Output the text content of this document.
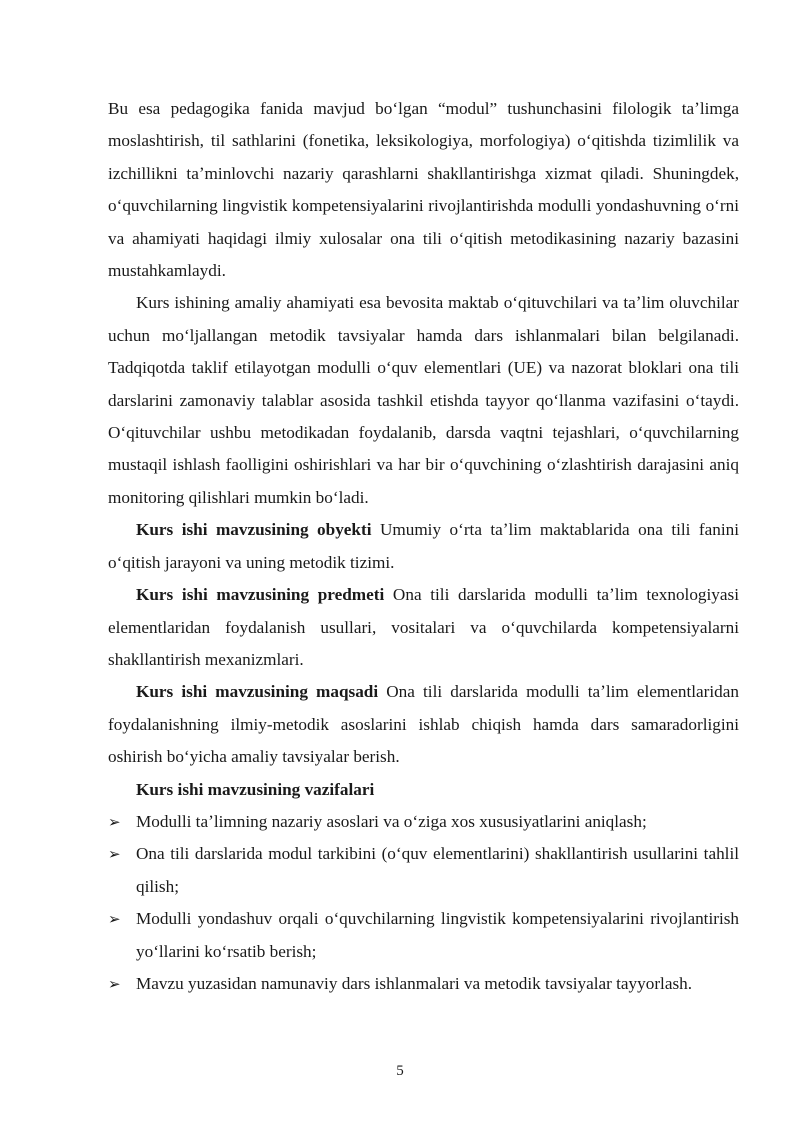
Bu esa pedagogika fanida mavjud boʻlgan “modul” tushunchasini filologik taʼlimga moslashtirish, til sathlarini (fonetika, leksikologiya, morfologiya) oʻqitishda tizimlilik va izchillikni taʼminlovchi nazariy qarashlarni shakllantirishga xizmat qiladi. Shuningdek, oʻquvchilarning lingvistik kompetensiyalarini rivojlantirishda modulli yondashuvning oʻrni va ahamiyati haqidagi ilmiy xulosalar ona tili oʻqitish metodikasining nazariy bazasini mustahkamlaydi.

Kurs ishining amaliy ahamiyati esa bevosita maktab oʻqituvchilari va taʼlim oluvchilar uchun moʻljallangan metodik tavsiyalar hamda dars ishlanmalari bilan belgilanadi. Tadqiqotda taklif etilayotgan modulli oʻquv elementlari (UE) va nazorat bloklari ona tili darslarini zamonaviy talablar asosida tashkil etishda tayyor qoʻllanma vazifasini oʻtaydi. Oʻqituvchilar ushbu metodikadan foydalanib, darsda vaqtni tejashlari, oʻquvchilarning mustaqil ishlash faolligini oshirishlari va har bir oʻquvchining oʻzlashtirish darajasini aniq monitoring qilishlari mumkin boʻladi.

Kurs ishi mavzusining obyekti Umumiy oʻrta taʼlim maktablarida ona tili fanini oʻqitish jarayoni va uning metodik tizimi.

Kurs ishi mavzusining predmeti Ona tili darslarida modulli taʼlim texnologiyasi elementlaridan foydalanish usullari, vositalari va oʻquvchilarda kompetensiyalarni shakllantirish mexanizmlari.

Kurs ishi mavzusining maqsadi Ona tili darslarida modulli taʼlim elementlaridan foydalanishning ilmiy-metodik asoslarini ishlab chiqish hamda dars samaradorligini oshirish boʻyicha amaliy tavsiyalar berish.

Kurs ishi mavzusining vazifalari

➢ Modulli taʼlimning nazariy asoslari va oʻziga xos xususiyatlarini aniqlash;
➢ Ona tili darslarida modul tarkibini (oʻquv elementlarini) shakllantirish usullarini tahlil qilish;
➢ Modulli yondashuv orqali oʻquvchilarning lingvistik kompetensiyalarini rivojlantirish yoʻllarini koʻrsatib berish;
➢ Mavzu yuzasidan namunaviy dars ishlanmalari va metodik tavsiyalar tayyorlash.
5
